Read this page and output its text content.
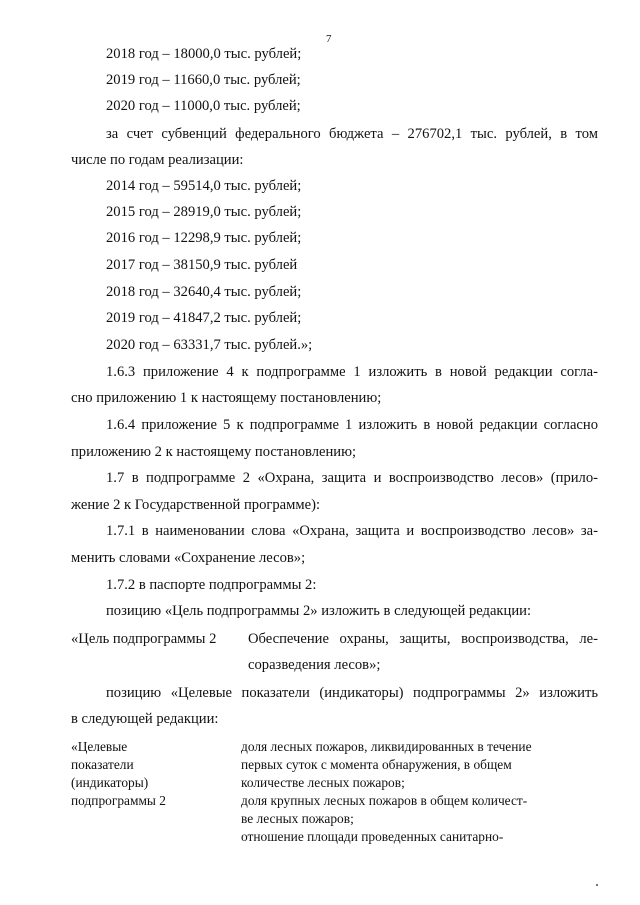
7
2018 год – 18000,0 тыс. рублей;
2019 год – 11660,0 тыс. рублей;
2020 год – 11000,0 тыс. рублей;
за счет субвенций федерального бюджета – 276702,1 тыс. рублей, в том
числе по годам реализации:
2014 год – 59514,0 тыс. рублей;
2015 год – 28919,0 тыс. рублей;
2016 год – 12298,9 тыс. рублей;
2017 год – 38150,9 тыс. рублей
2018 год – 32640,4 тыс. рублей;
2019 год – 41847,2 тыс. рублей;
2020 год – 63331,7 тыс. рублей.»;
1.6.3 приложение 4 к подпрограмме 1 изложить в новой редакции согла-
сно приложению 1 к настоящему постановлению;
1.6.4 приложение 5 к подпрограмме 1 изложить в новой редакции согласно
приложению 2 к настоящему постановлению;
1.7 в подпрограмме 2 «Охрана, защита и воспроизводство лесов» (прило-
жение 2 к Государственной программе):
1.7.1 в наименовании слова «Охрана, защита и воспроизводство лесов» за-
менить словами «Сохранение лесов»;
1.7.2 в паспорте подпрограммы 2:
позицию «Цель подпрограммы 2» изложить в следующей редакции:
«Цель подпрограммы 2 Обеспечение охраны, защиты, воспроизводства, ле-
соразведения лесов»;
позицию «Целевые показатели (индикаторы) подпрограммы 2» изложить
в следующей редакции:
«Целевые
показатели
(индикаторы)
подпрограммы 2
доля лесных пожаров, ликвидированных в течение
первых суток с момента обнаружения, в общем
количестве лесных пожаров;
доля крупных лесных пожаров в общем количест-
ве лесных пожаров;
отношение площади проведенных санитарно-
